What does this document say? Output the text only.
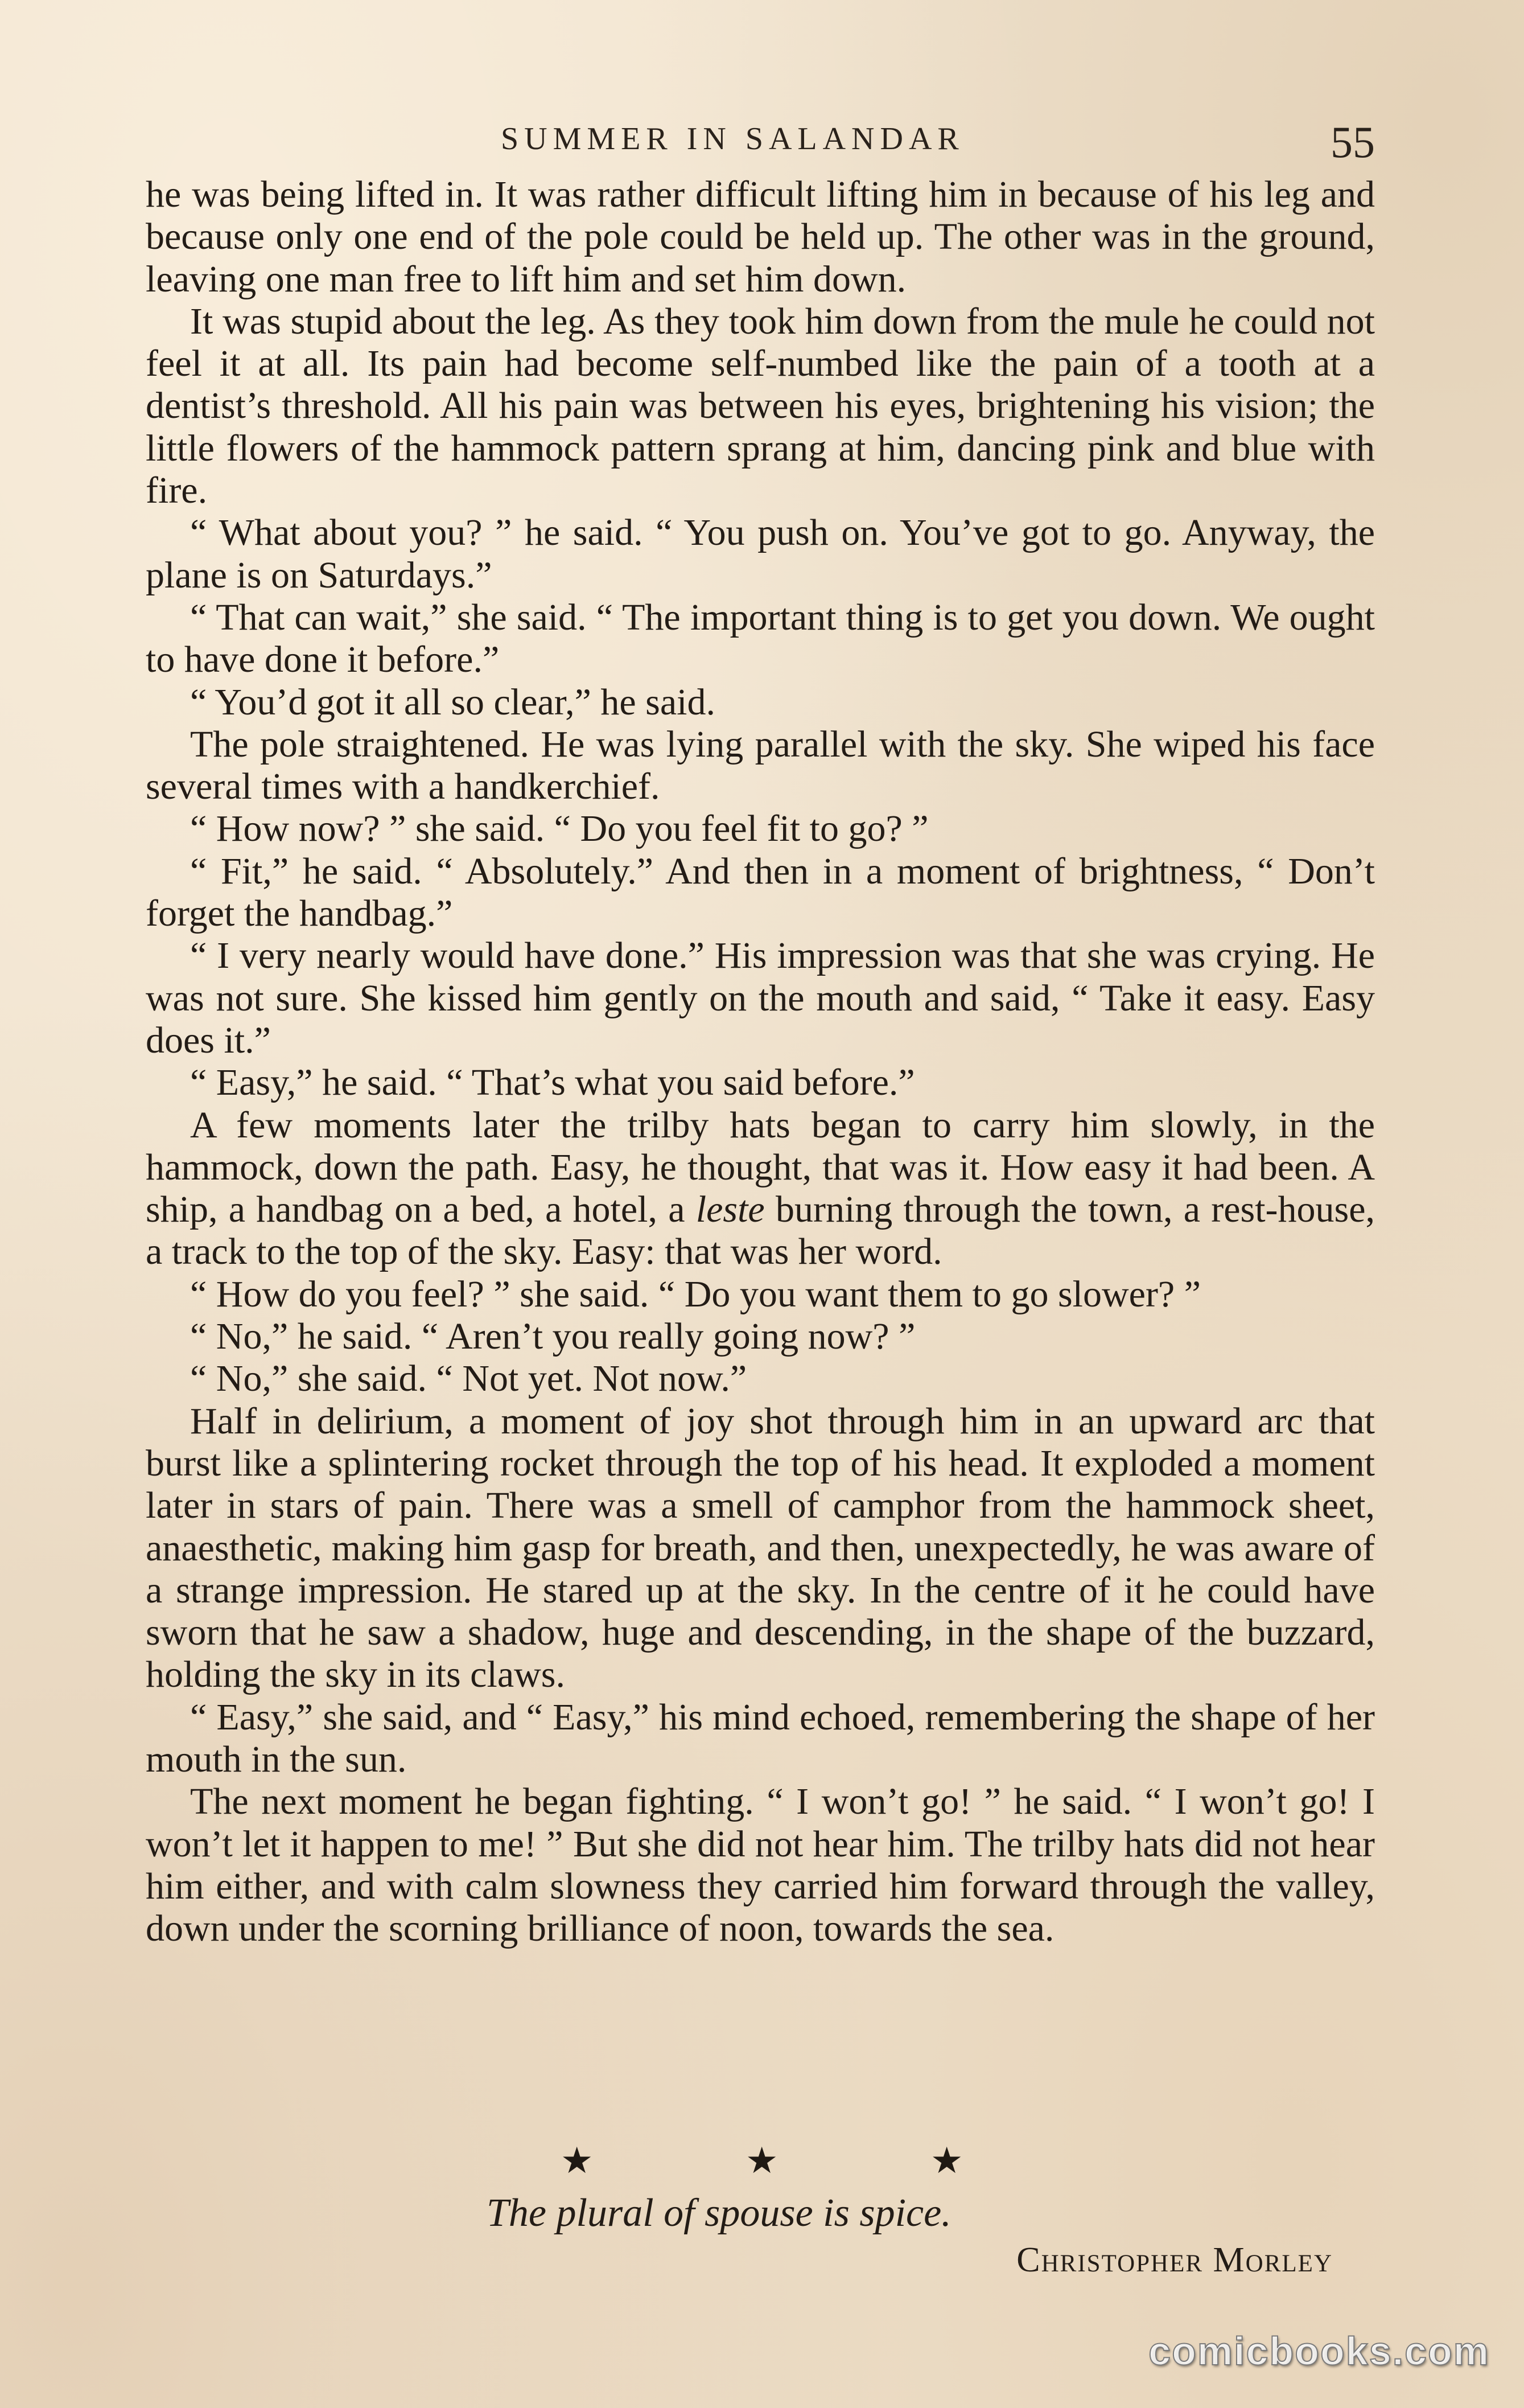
SUMMER IN SALANDAR	55

he was being lifted in. It was rather difficult lifting him in because of his leg and because only one end of the pole could be held up. The other was in the ground, leaving one man free to lift him and set him down.

It was stupid about the leg. As they took him down from the mule he could not feel it at all. Its pain had become self-numbed like the pain of a tooth at a dentist’s threshold. All his pain was between his eyes, brightening his vision; the little flowers of the hammock pattern sprang at him, dancing pink and blue with fire.

“ What about you? ” he said. “ You push on. You’ve got to go. Anyway, the plane is on Saturdays.”

“ That can wait,” she said. “ The important thing is to get you down. We ought to have done it before.”

“ You’d got it all so clear,” he said.

The pole straightened. He was lying parallel with the sky. She wiped his face several times with a handkerchief.

“ How now? ” she said. “ Do you feel fit to go? ”

“ Fit,” he said. “ Absolutely.” And then in a moment of brightness, “ Don’t forget the handbag.”

“ I very nearly would have done.” His impression was that she was crying. He was not sure. She kissed him gently on the mouth and said, “ Take it easy. Easy does it.”

“ Easy,” he said. “ That’s what you said before.”

A few moments later the trilby hats began to carry him slowly, in the hammock, down the path. Easy, he thought, that was it. How easy it had been. A ship, a handbag on a bed, a hotel, a leste burning through the town, a rest-house, a track to the top of the sky. Easy: that was her word.

“ How do you feel? ” she said. “ Do you want them to go slower? ”

“ No,” he said. “ Aren’t you really going now? ”

“ No,” she said. “ Not yet. Not now.”

Half in delirium, a moment of joy shot through him in an upward arc that burst like a splintering rocket through the top of his head. It exploded a moment later in stars of pain. There was a smell of camphor from the hammock sheet, anaesthetic, making him gasp for breath, and then, unexpectedly, he was aware of a strange impression. He stared up at the sky. In the centre of it he could have sworn that he saw a shadow, huge and descending, in the shape of the buzzard, holding the sky in its claws.

“ Easy,” she said, and “ Easy,” his mind echoed, remembering the shape of her mouth in the sun.

The next moment he began fighting. “ I won’t go! ” he said. “ I won’t go! I won’t let it happen to me! ” But she did not hear him. The trilby hats did not hear him either, and with calm slowness they carried him forward through the valley, down under the scorning brilliance of noon, towards the sea.

★	★	★
The plural of spouse is spice.
Christopher Morley
comicbooks.com
